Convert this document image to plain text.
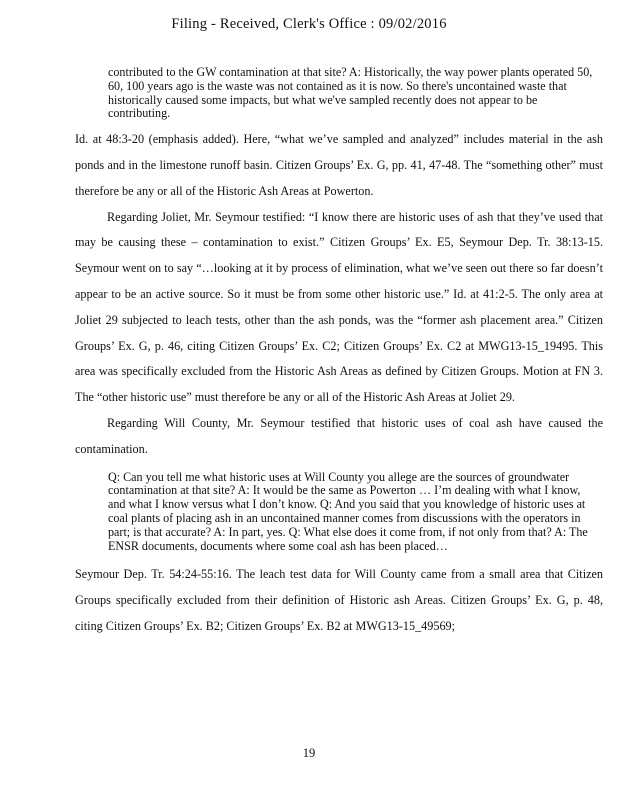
Filing - Received, Clerk's Office : 09/02/2016

contributed to the GW contamination at that site? A: Historically, the way power plants operated 50, 60, 100 years ago is the waste was not contained as it is now. So there's uncontained waste that historically caused some impacts, but what we've sampled recently does not appear to be contributing.

Id. at 48:3-20 (emphasis added). Here, “what we’ve sampled and analyzed” includes material in the ash ponds and in the limestone runoff basin. Citizen Groups’ Ex. G, pp. 41, 47-48. The “something other” must therefore be any or all of the Historic Ash Areas at Powerton.

Regarding Joliet, Mr. Seymour testified: “I know there are historic uses of ash that they’ve used that may be causing these – contamination to exist.” Citizen Groups’ Ex. E5, Seymour Dep. Tr. 38:13-15. Seymour went on to say “…looking at it by process of elimination, what we’ve seen out there so far doesn’t appear to be an active source. So it must be from some other historic use.” Id. at 41:2-5. The only area at Joliet 29 subjected to leach tests, other than the ash ponds, was the “former ash placement area.” Citizen Groups’ Ex. G, p. 46, citing Citizen Groups’ Ex. C2; Citizen Groups’ Ex. C2 at MWG13-15_19495. This area was specifically excluded from the Historic Ash Areas as defined by Citizen Groups. Motion at FN 3. The “other historic use” must therefore be any or all of the Historic Ash Areas at Joliet 29.

Regarding Will County, Mr. Seymour testified that historic uses of coal ash have caused the contamination.

Q: Can you tell me what historic uses at Will County you allege are the sources of groundwater contamination at that site? A: It would be the same as Powerton … I’m dealing with what I know, and what I know versus what I don’t know. Q: And you said that you knowledge of historic uses at coal plants of placing ash in an uncontained manner comes from discussions with the operators in part; is that accurate? A: In part, yes. Q: What else does it come from, if not only from that? A: The ENSR documents, documents where some coal ash has been placed…

Seymour Dep. Tr. 54:24-55:16. The leach test data for Will County came from a small area that Citizen Groups specifically excluded from their definition of Historic ash Areas. Citizen Groups’ Ex. G, p. 48, citing Citizen Groups’ Ex. B2; Citizen Groups’ Ex. B2 at MWG13-15_49569;

19
